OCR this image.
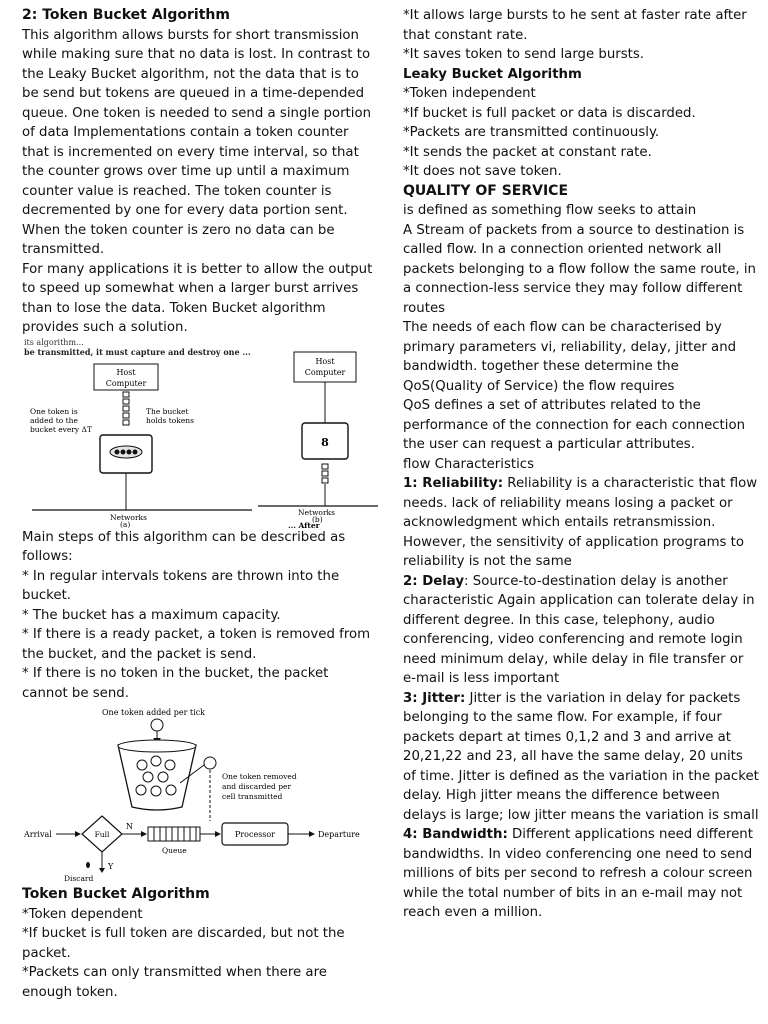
2: Token Bucket Algorithm

This algorithm allows bursts for short transmission while making sure that no data is lost. In contrast to the Leaky Bucket algorithm, not the data that is to be send but tokens are queued in a time-depended queue. One token is needed to send a single portion of data Implementations contain a token counter that is incremented on every time interval, so that the counter grows over time up until a maximum counter value is reached. The token counter is decremented by one for every data portion sent. When the token counter is zero no data can be transmitted.

For many applications it is better to allow the output to speed up somewhat when a larger burst arrives than to lose the data. Token Bucket algorithm provides such a solution.

its algorithm...
be transmitted, it must capture and destroy one ...
Host
Computer
One token is
added to the
bucket every ΔT
The bucket
holds tokens
Networks
(a)
Host
Computer
8
Networks
(b)
... After

Main steps of this algorithm can be described as follows:

* In regular intervals tokens are thrown into the bucket.

* The bucket has a maximum capacity.

* If there is a ready packet, a token is removed from the bucket, and the packet is send.

* If there is no token in the bucket, the packet cannot be send.

One token added per tick
One token removed
and discarded per
cell transmitted
Arrival	Full
N
Queue
Processor	Departure
Y
Discard

Token Bucket Algorithm

*Token dependent

*If bucket is full token are discarded, but not the packet.

*Packets can only transmitted when there are enough token.

*It allows large bursts to he sent at faster rate after that constant rate.

*It saves token to send large bursts.

Leaky Bucket Algorithm

*Token independent

*If bucket is full packet or data is discarded.

*Packets are transmitted continuously.

*It sends the packet at constant rate.

*It does not save token.

QUALITY OF SERVICE

is defined as something flow seeks to attain

A Stream of packets from a source to destination is called flow. In a connection oriented network all packets belonging to a flow follow the same route, in a connection-less service they may follow different routes

The needs of each flow can be characterised by primary parameters vi, reliability, delay, jitter and bandwidth. together these determine the QoS(Quality of Service) the flow requires

QoS defines a set of attributes related to the performance of the connection for each connection the user can request a particular attributes.

flow Characteristics

1: Reliability: Reliability is a characteristic that flow needs. lack of reliability means losing a packet or acknowledgment which entails retransmission. However, the sensitivity of application programs to reliability is not the same

2: Delay: Source-to-destination delay is another characteristic Again application can tolerate delay in different degree. In this case, telephony, audio conferencing, video conferencing and remote login need minimum delay, while delay in file transfer or e-mail is less important

3: Jitter: Jitter is the variation in delay for packets belonging to the same flow. For example, if four packets depart at times 0,1,2 and 3 and arrive at 20,21,22 and 23, all have the same delay, 20 units of time. Jitter is defined as the variation in the packet delay. High jitter means the difference between delays is large; low jitter means the variation is small

4: Bandwidth: Different applications need different bandwidths. In video conferencing one need to send millions of bits per second to refresh a colour screen while the total number of bits in an e-mail may not reach even a million.
